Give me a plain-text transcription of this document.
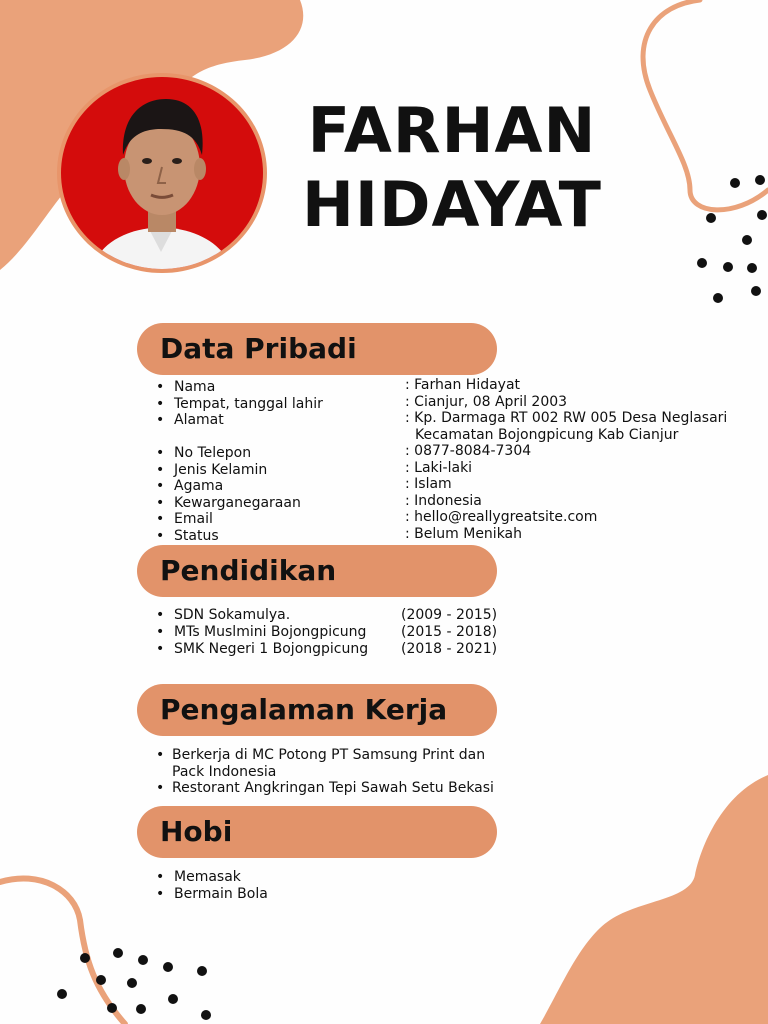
FARHAN
HIDAYAT
Data Pribadi
• Nama	: Farhan Hidayat
• Tempat, tanggal lahir	: Cianjur, 08 April 2003
• Alamat	: Kp. Darmaga RT 002 RW 005 Desa Neglasari
Kecamatan Bojongpicung Kab Cianjur
• No Telepon	: 0877-8084-7304
• Jenis Kelamin	: Laki-laki
• Agama	: Islam
• Kewarganegaraan	: Indonesia
• Email	: hello@reallygreatsite.com
• Status	: Belum Menikah
Pendidikan
• SDN Sokamulya.	(2009 - 2015)
• MTs Muslmini Bojongpicung (2015 - 2018)
• SMK Negeri 1 Bojongpicung (2018 - 2021)
Pengalaman Kerja
• Berkerja di MC Potong PT Samsung Print dan
Pack Indonesia
• Restorant Angkringan Tepi Sawah Setu Bekasi
Hobi
• Memasak
• Bermain Bola
